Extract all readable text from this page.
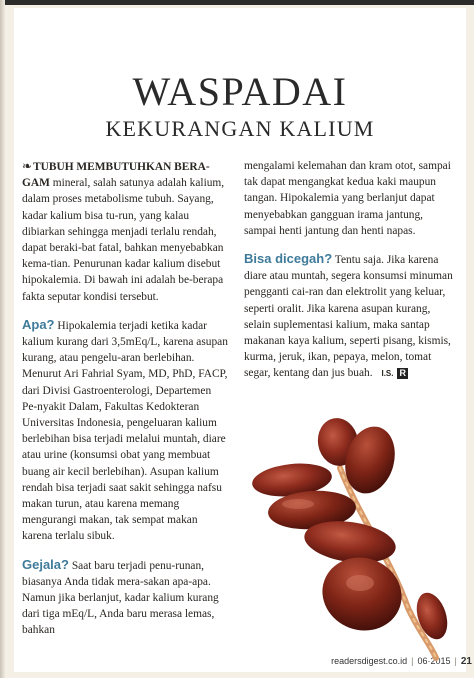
WASPADAI
KEKURANGAN KALIUM

❧TUBUH MEMBUTUHKAN BERA-GAM mineral, salah satunya adalah kalium, dalam proses metabolisme tubuh. Sayang, kadar kalium bisa tu-run, yang kalau dibiarkan sehingga menjadi terlalu rendah, dapat beraki-bat fatal, bahkan menyebabkan kema-tian. Penurunan kadar kalium disebut hipokalemia. Di bawah ini adalah be-berapa fakta seputar kondisi tersebut.

Apa? Hipokalemia terjadi ketika kadar kalium kurang dari 3,5mEq/L, karena asupan kurang, atau pengelu-aran berlebihan. Menurut Ari Fahrial Syam, MD, PhD, FACP, dari Divisi Gastroenterologi, Departemen Pe-nyakit Dalam, Fakultas Kedokteran Universitas Indonesia, pengeluaran kalium berlebihan bisa terjadi melalui muntah, diare atau urine (konsumsi obat yang membuat buang air kecil berlebihan). Asupan kalium rendah bisa terjadi saat sakit sehingga nafsu makan turun, atau karena memang mengurangi makan, tak sempat makan karena terlalu sibuk.

Gejala? Saat baru terjadi penu-runan, biasanya Anda tidak mera-sakan apa-apa. Namun jika berlanjut, kadar kalium kurang dari tiga mEq/L, Anda baru merasa lemas, bahkan

mengalami kelemahan dan kram otot, sampai tak dapat mengangkat kedua kaki maupun tangan. Hipokalemia yang berlanjut dapat menyebabkan gangguan irama jantung, sampai henti jantung dan henti napas.

Bisa dicegah? Tentu saja. Jika karena diare atau muntah, segera konsumsi minuman pengganti cai-ran dan elektrolit yang keluar, seperti oralit. Jika karena asupan kurang, selain suplementasi kalium, maka santap makanan kaya kalium, seperti pisang, kismis, kurma, jeruk, ikan, pepaya, melon, tomat segar, kentang dan jus buah. I.S. R

readersdigest.co.id | 06·2015 | 21
